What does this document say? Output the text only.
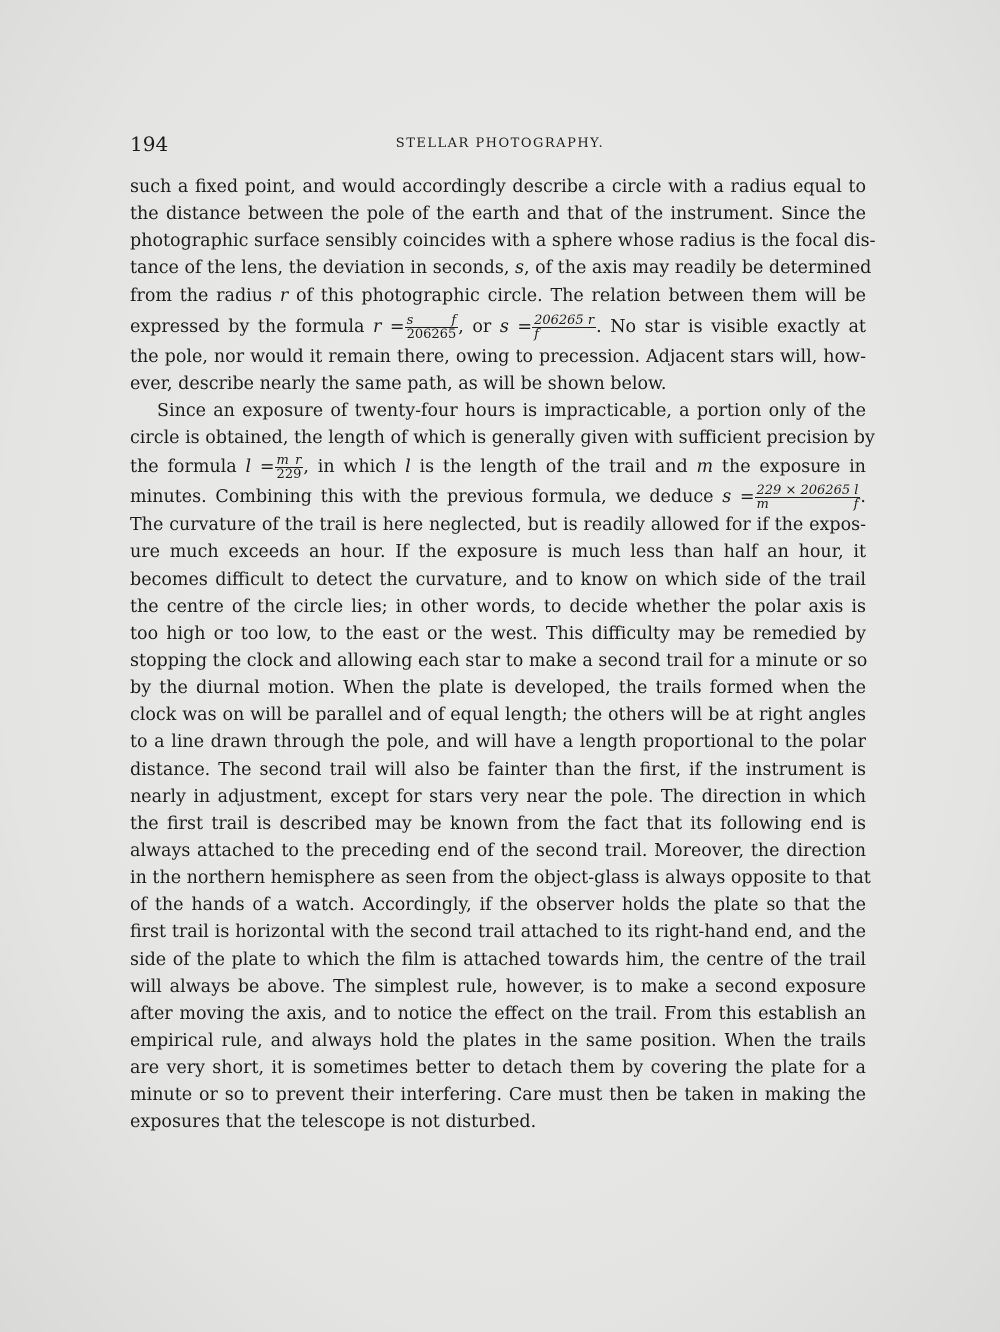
194	STELLAR PHOTOGRAPHY.
such a fixed point, and would accordingly describe a circle with a radius equal to
the distance between the pole of the earth and that of the instrument. Since the
photographic surface sensibly coincides with a sphere whose radius is the focal dis-
tance of the lens, the deviation in seconds, s, of the axis may readily be determined
from the radius r of this photographic circle. The relation between them will be
expressed by the formula $r = \frac{\text{s f}}{206265}$ , or $s = \frac{206265 r}{f}$ . No star is visible exactly at
the pole, nor would it remain there, owing to precession. Adjacent stars will, how-
ever, describe nearly the same path, as will be shown below.
Since an exposure of twenty-four hours is impracticable, a portion only of the
circle is obtained, the length of which is generally given with sufficient precision by
the formula $l = \frac{\text{m r}}{229}$ , in which l is the length of the trail and m the exposure in
minutes. Combining this with the previous formula, we deduce $s = \frac{229 \times 206265 l}{\text{m f}}$ .
The curvature of the trail is here neglected, but is readily allowed for if the expos-
ure much exceeds an hour. If the exposure is much less than half an hour, it
becomes difficult to detect the curvature, and to know on which side of the trail
the centre of the circle lies; in other words, to decide whether the polar axis is
too high or too low, to the east or the west. This difficulty may be remedied by
stopping the clock and allowing each star to make a second trail for a minute or so
by the diurnal motion. When the plate is developed, the trails formed when the
clock was on will be parallel and of equal length; the others will be at right angles
to a line drawn through the pole, and will have a length proportional to the polar
distance. The second trail will also be fainter than the first, if the instrument is
nearly in adjustment, except for stars very near the pole. The direction in which
the first trail is described may be known from the fact that its following end is
always attached to the preceding end of the second trail. Moreover, the direction
in the northern hemisphere as seen from the object-glass is always opposite to that
of the hands of a watch. Accordingly, if the observer holds the plate so that the
first trail is horizontal with the second trail attached to its right-hand end, and the
side of the plate to which the film is attached towards him, the centre of the trail
will always be above. The simplest rule, however, is to make a second exposure
after moving the axis, and to notice the effect on the trail. From this establish an
empirical rule, and always hold the plates in the same position. When the trails
are very short, it is sometimes better to detach them by covering the plate for a
minute or so to prevent their interfering. Care must then be taken in making the
exposures that the telescope is not disturbed.
